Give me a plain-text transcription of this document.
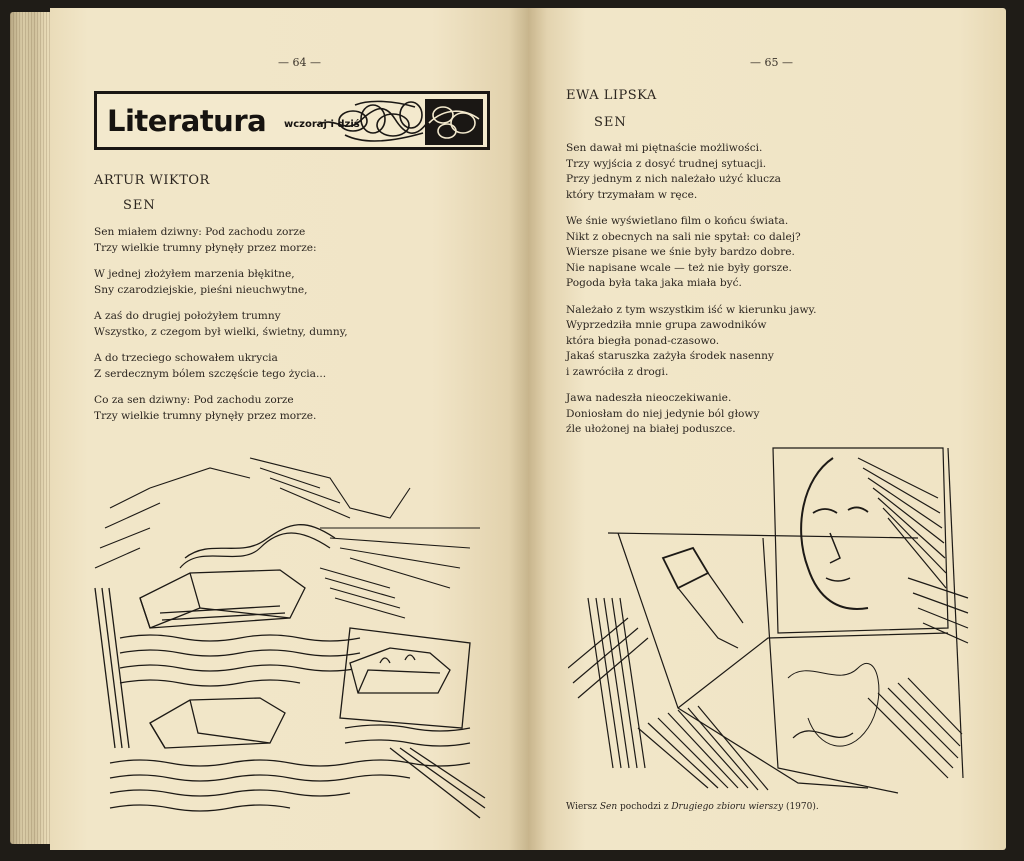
— 64 —
Literatura wczoraj i dziś
ARTUR WIKTOR
SEN
Sen miałem dziwny: Pod zachodu zorze
Trzy wielkie trumny płynęły przez morze:
W jednej złożyłem marzenia błękitne,
Sny czarodziejskie, pieśni nieuchwytne,
A zaś do drugiej położyłem trumny
Wszystko, z czegom był wielki, świetny, dumny,
A do trzeciego schowałem ukrycia
Z serdecznym bólem szczęście tego życia...
Co za sen dziwny: Pod zachodu zorze
Trzy wielkie trumny płynęły przez morze.
— 65 —
EWA LIPSKA
SEN
Sen dawał mi piętnaście możliwości.
Trzy wyjścia z dosyć trudnej sytuacji.
Przy jednym z nich należało użyć klucza
który trzymałam w ręce.
We śnie wyświetlano film o końcu świata.
Nikt z obecnych na sali nie spytał: co dalej?
Wiersze pisane we śnie były bardzo dobre.
Nie napisane wcale — też nie były gorsze.
Pogoda była taka jaka miała być.
Należało z tym wszystkim iść w kierunku jawy.
Wyprzedziła mnie grupa zawodników
która biegła ponad-czasowo.
Jakaś staruszka zażyła środek nasenny
i zawróciła z drogi.
Jawa nadeszła nieoczekiwanie.
Doniosłam do niej jedynie ból głowy
źle ułożonej na białej poduszce.
Wiersz Sen pochodzi z Drugiego zbioru wierszy (1970).
